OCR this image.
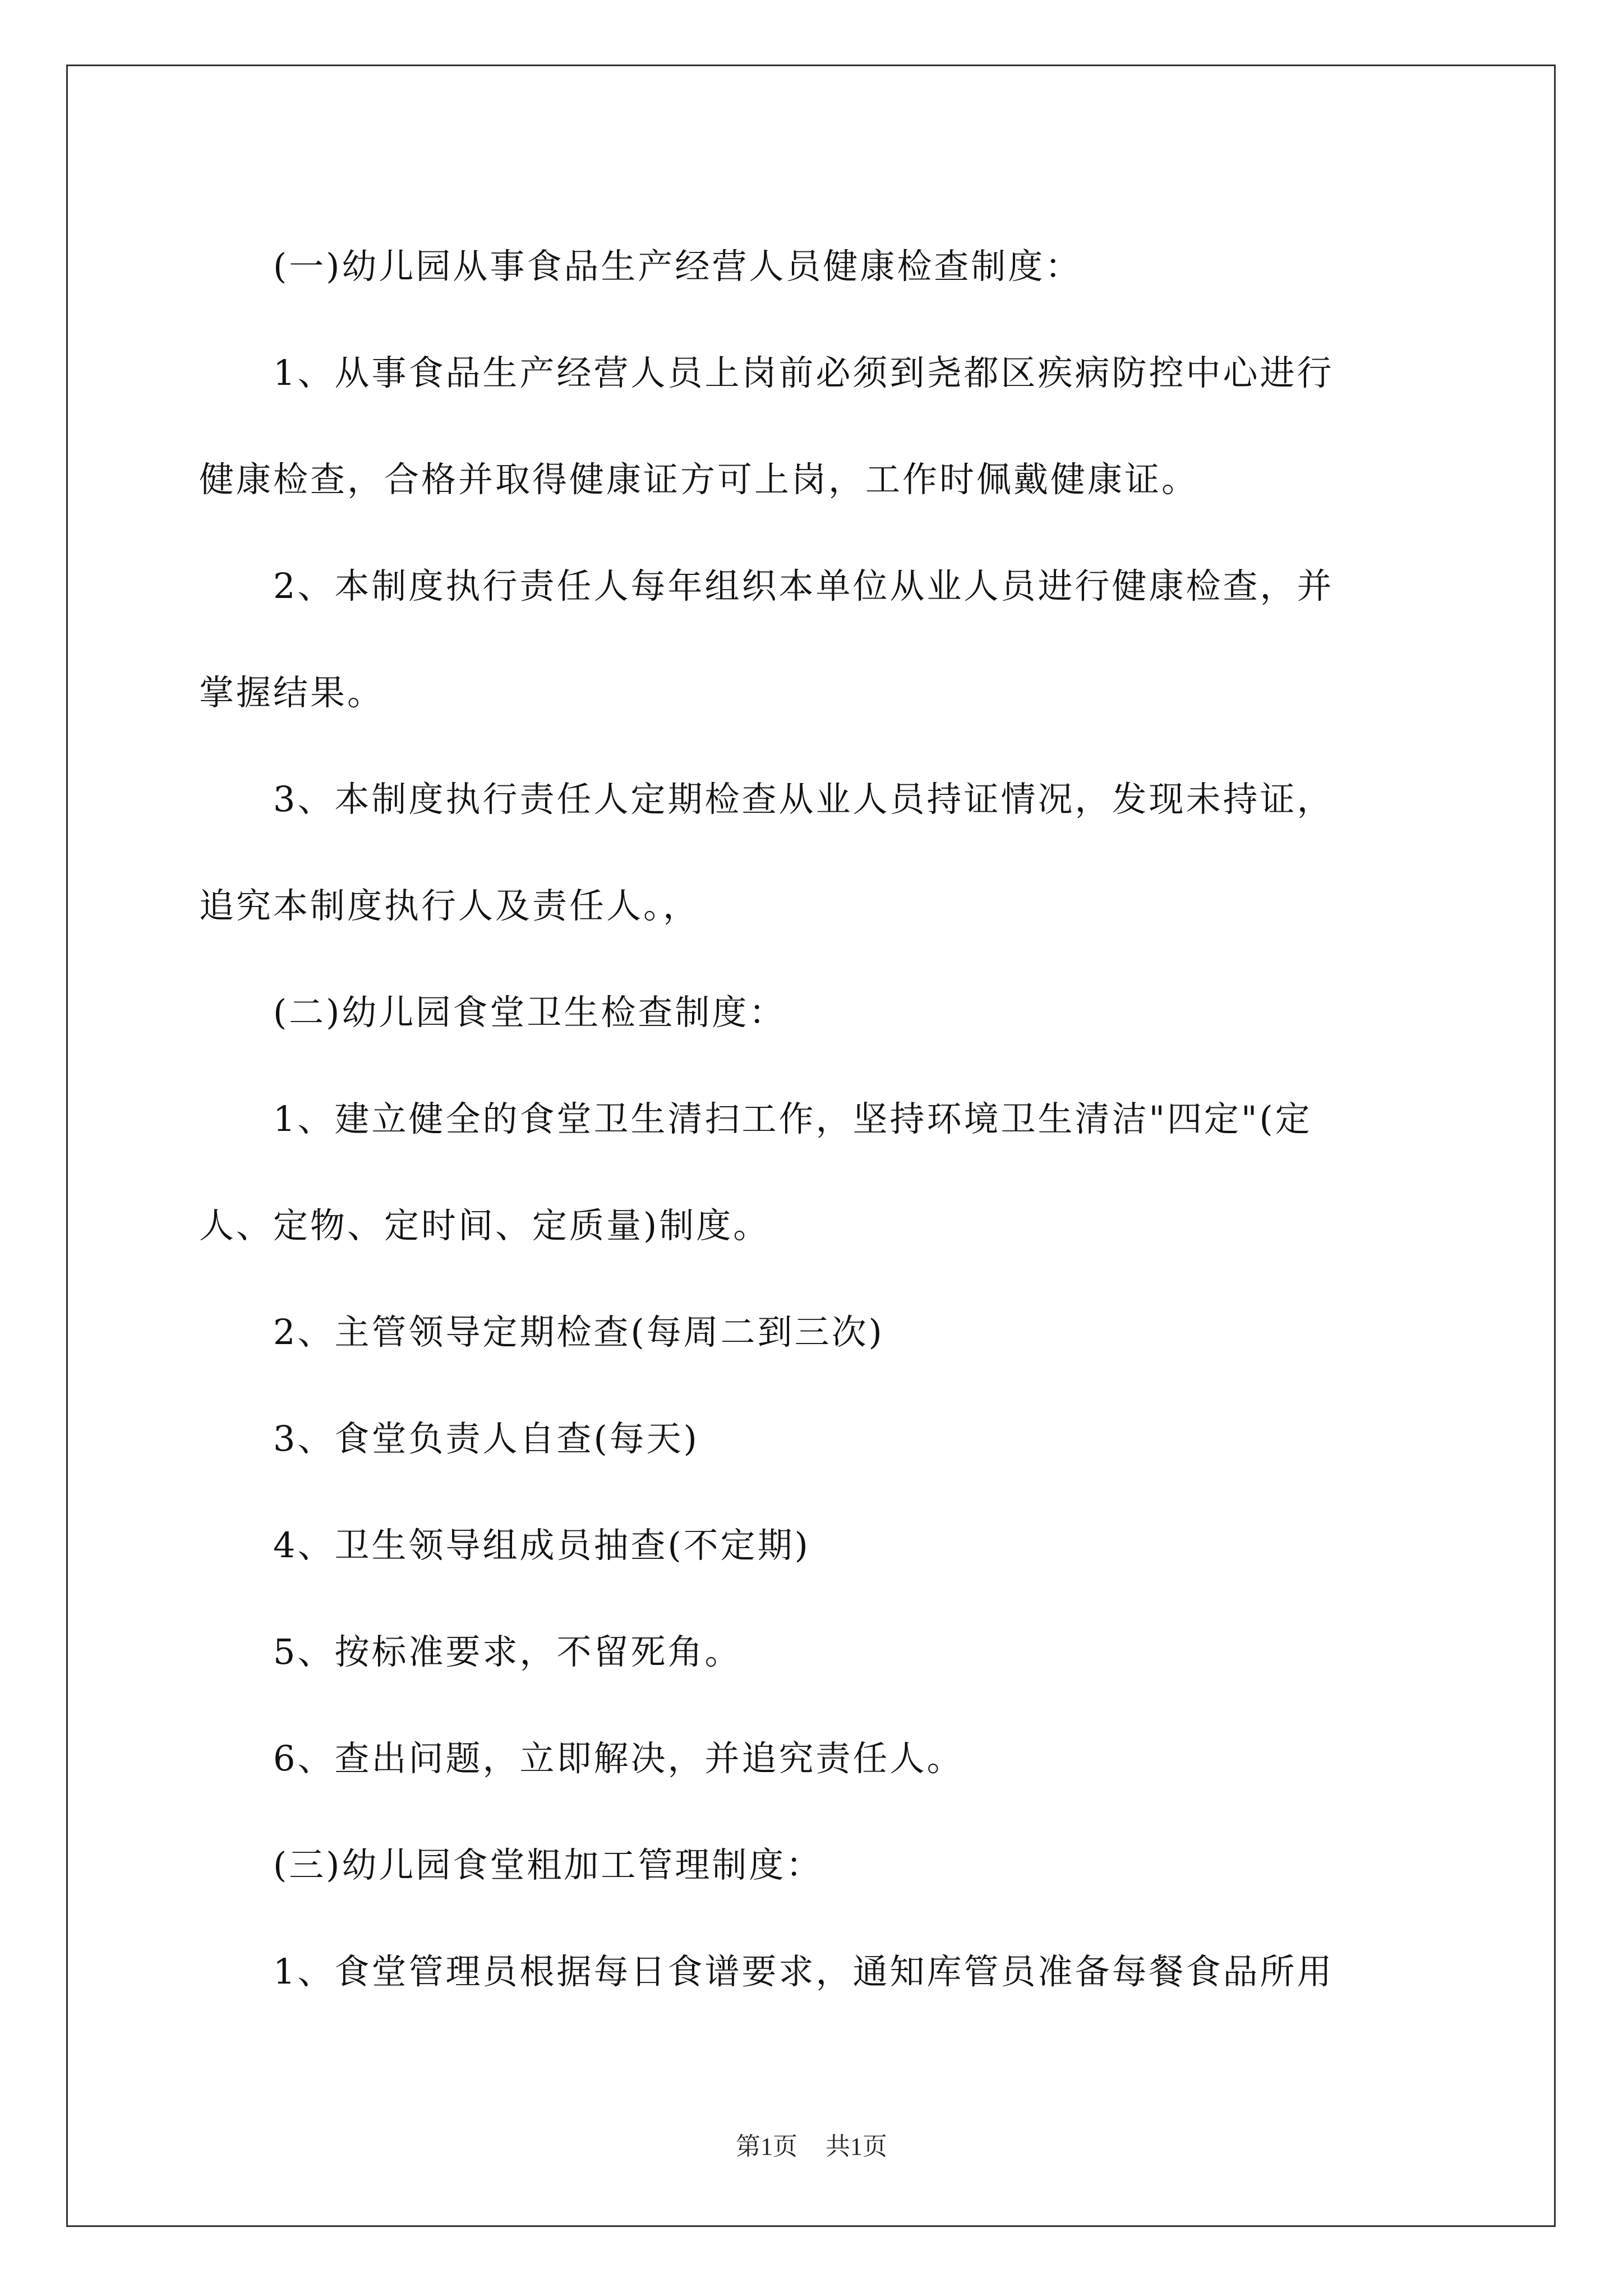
(一)幼儿园从事食品生产经营人员健康检查制度：

1、从事食品生产经营人员上岗前必须到尧都区疾病防控中心进行
健康检查，合格并取得健康证方可上岗，工作时佩戴健康证。

2、本制度执行责任人每年组织本单位从业人员进行健康检查，并
掌握结果。

3、本制度执行责任人定期检查从业人员持证情况，发现未持证，
追究本制度执行人及责任人。，

(二)幼儿园食堂卫生检查制度：

1、建立健全的食堂卫生清扫工作，坚持环境卫生清洁"四定"(定
人、定物、定时间、定质量)制度。

2、主管领导定期检查(每周二到三次)

3、食堂负责人自查(每天)

4、卫生领导组成员抽查(不定期)

5、按标准要求，不留死角。

6、查出问题，立即解决，并追究责任人。

(三)幼儿园食堂粗加工管理制度：

1、食堂管理员根据每日食谱要求，通知库管员准备每餐食品所用

第1页 共1页
